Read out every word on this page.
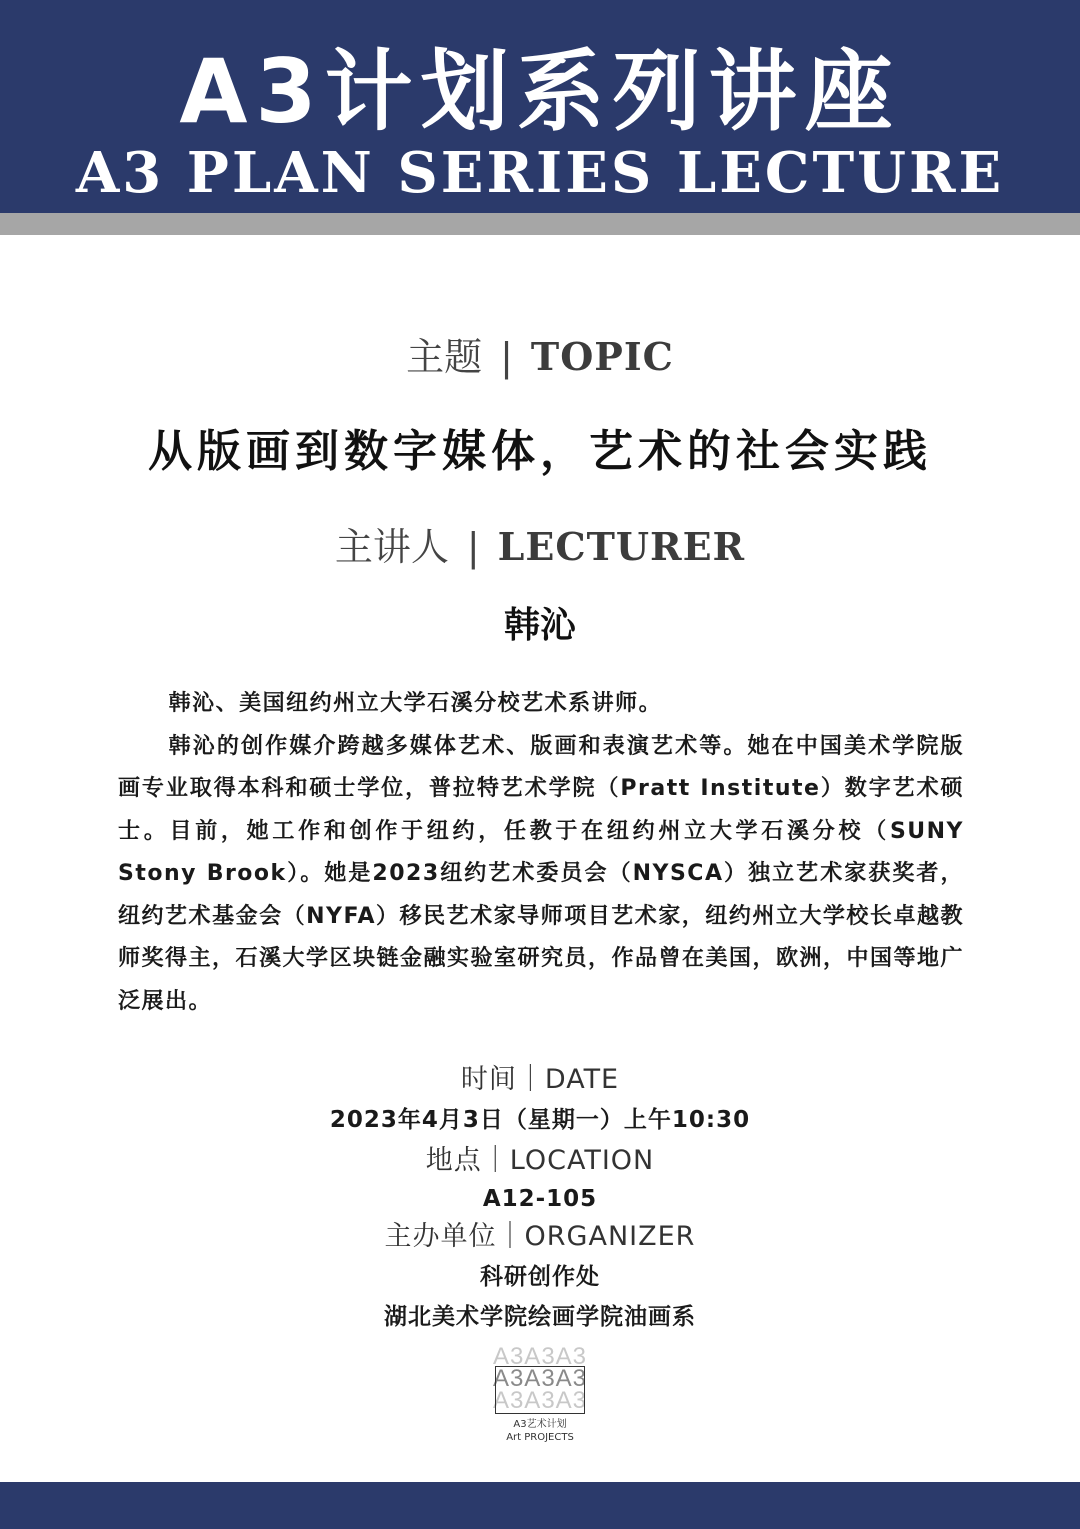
A3计划系列讲座
A3 PLAN SERIES LECTURE
主题 | TOPIC
从版画到数字媒体，艺术的社会实践
主讲人 | LECTURER
韩沁

韩沁、美国纽约州立大学石溪分校艺术系讲师。

韩沁的创作媒介跨越多媒体艺术、版画和表演艺术等。她在中国美术学院版画专业取得本科和硕士学位，普拉特艺术学院（Pratt Institute）数字艺术硕士。目前，她工作和创作于纽约，任教于在纽约州立大学石溪分校（SUNY Stony Brook）。她是2023纽约艺术委员会（NYSCA）独立艺术家获奖者，纽约艺术基金会（NYFA）移民艺术家导师项目艺术家，纽约州立大学校长卓越教师奖得主，石溪大学区块链金融实验室研究员，作品曾在美国，欧洲，中国等地广泛展出。

时间｜DATE
2023年4月3日（星期一）上午10:30
地点｜LOCATION
A12-105
主办单位｜ORGANIZER
科研创作处
湖北美术学院绘画学院油画系
A3A3A3
A3A3A3
A3A3A3
A3艺术计划
Art PROJECTS
